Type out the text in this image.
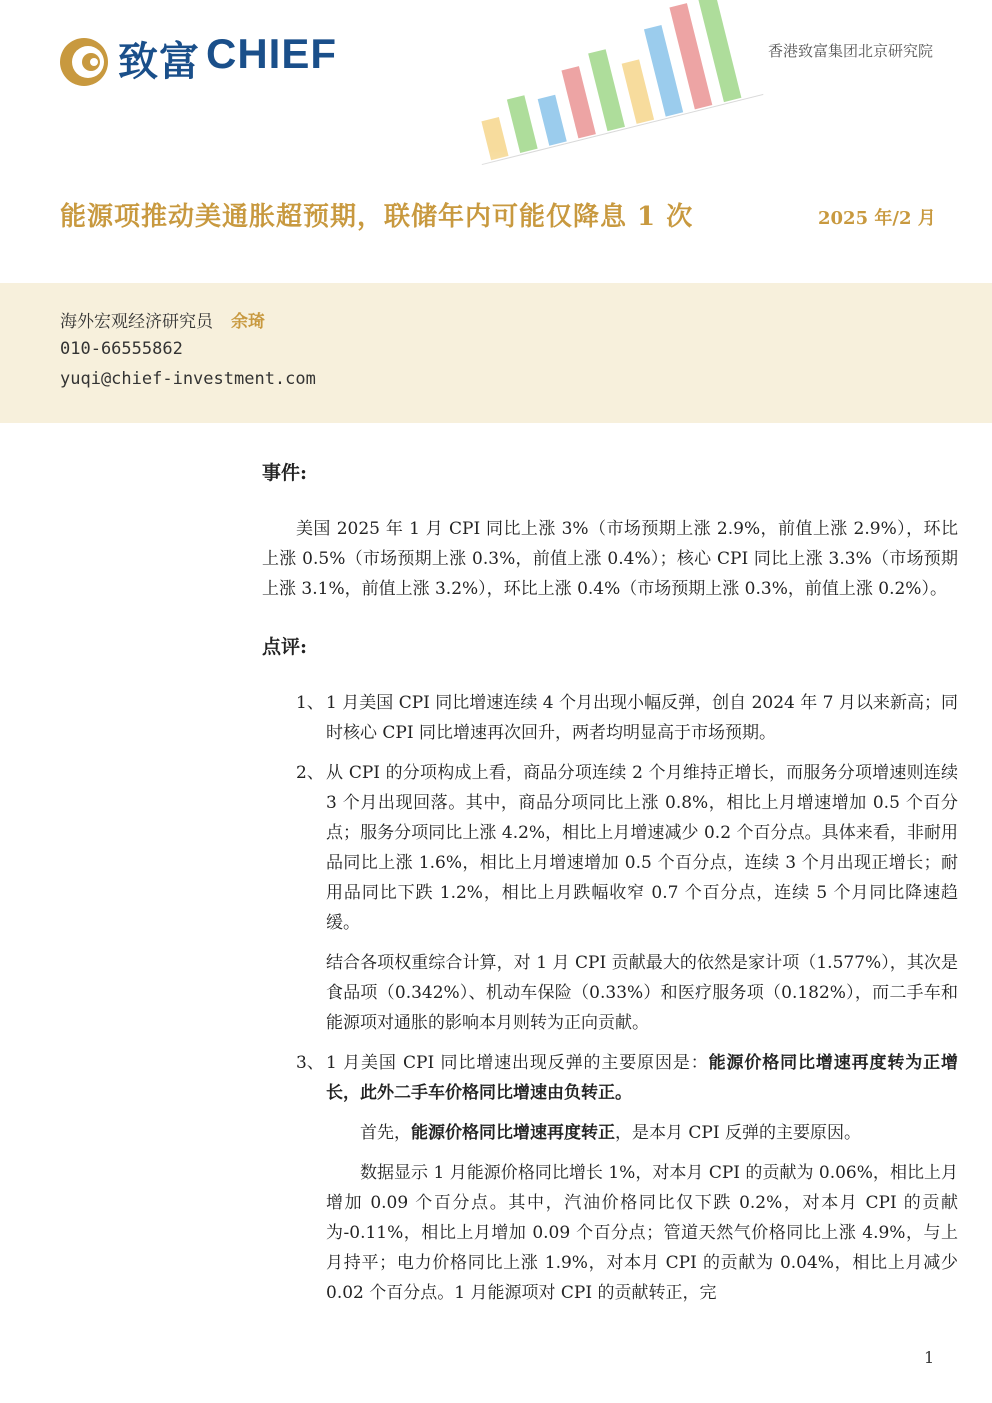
致富 CHIEF	香港致富集团北京研究院
能源项推动美通胀超预期，联储年内可能仅降息 1 次	2025 年/2 月
海外宏观经济研究员 余琦
010-66555862
yuqi@chief-investment.com

事件:

美国 2025 年 1 月 CPI 同比上涨 3%（市场预期上涨 2.9%，前值上涨 2.9%），环比上涨 0.5%（市场预期上涨 0.3%，前值上涨 0.4%）；核心 CPI 同比上涨 3.3%（市场预期上涨 3.1%，前值上涨 3.2%），环比上涨 0.4%（市场预期上涨 0.3%，前值上涨 0.2%）。

点评:

1、 1 月美国 CPI 同比增速连续 4 个月出现小幅反弹，创自 2024 年 7 月以来新高；同时核心 CPI 同比增速再次回升，两者均明显高于市场预期。

2、 从 CPI 的分项构成上看，商品分项连续 2 个月维持正增长，而服务分项增速则连续 3 个月出现回落。其中，商品分项同比上涨 0.8%，相比上月增速增加 0.5 个百分点；服务分项同比上涨 4.2%，相比上月增速减少 0.2 个百分点。具体来看，非耐用品同比上涨 1.6%，相比上月增速增加 0.5 个百分点，连续 3 个月出现正增长；耐用品同比下跌 1.2%，相比上月跌幅收窄 0.7 个百分点，连续 5 个月同比降速趋缓。

结合各项权重综合计算，对 1 月 CPI 贡献最大的依然是家计项（1.577%），其次是食品项（0.342%）、机动车保险（0.33%）和医疗服务项（0.182%），而二手车和能源项对通胀的影响本月则转为正向贡献。

3、 1 月美国 CPI 同比增速出现反弹的主要原因是：能源价格同比增速再度转为正增长，此外二手车价格同比增速由负转正。

首先，能源价格同比增速再度转正，是本月 CPI 反弹的主要原因。

数据显示 1 月能源价格同比增长 1%，对本月 CPI 的贡献为 0.06%，相比上月增加 0.09 个百分点。其中，汽油价格同比仅下跌 0.2%，对本月 CPI 的贡献为-0.11%，相比上月增加 0.09 个百分点；管道天然气价格同比上涨 4.9%，与上月持平；电力价格同比上涨 1.9%，对本月 CPI 的贡献为 0.04%，相比上月减少 0.02 个百分点。1 月能源项对 CPI 的贡献转正，完

1
